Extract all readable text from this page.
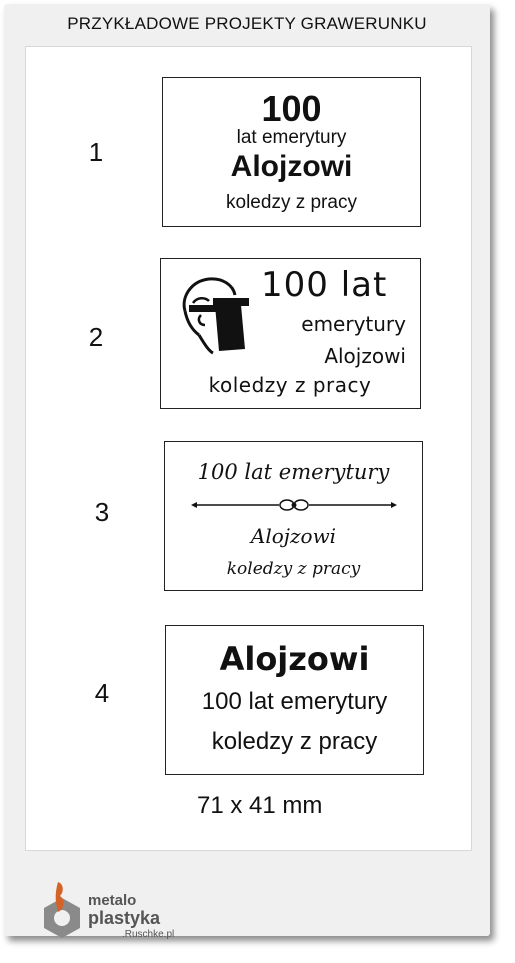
PRZYKŁADOWE PROJEKTY GRAWERUNKU
1
100
lat emerytury
Alojzowi
koledzy z pracy
2
100 lat
emerytury
Alojzowi
koledzy z pracy
3
100 lat emerytury
Alojzowi
koledzy z pracy
4
Alojzowi
100 lat emerytury
koledzy z pracy
71 x 41 mm
metalo
plastyka
.Ruschke.pl
